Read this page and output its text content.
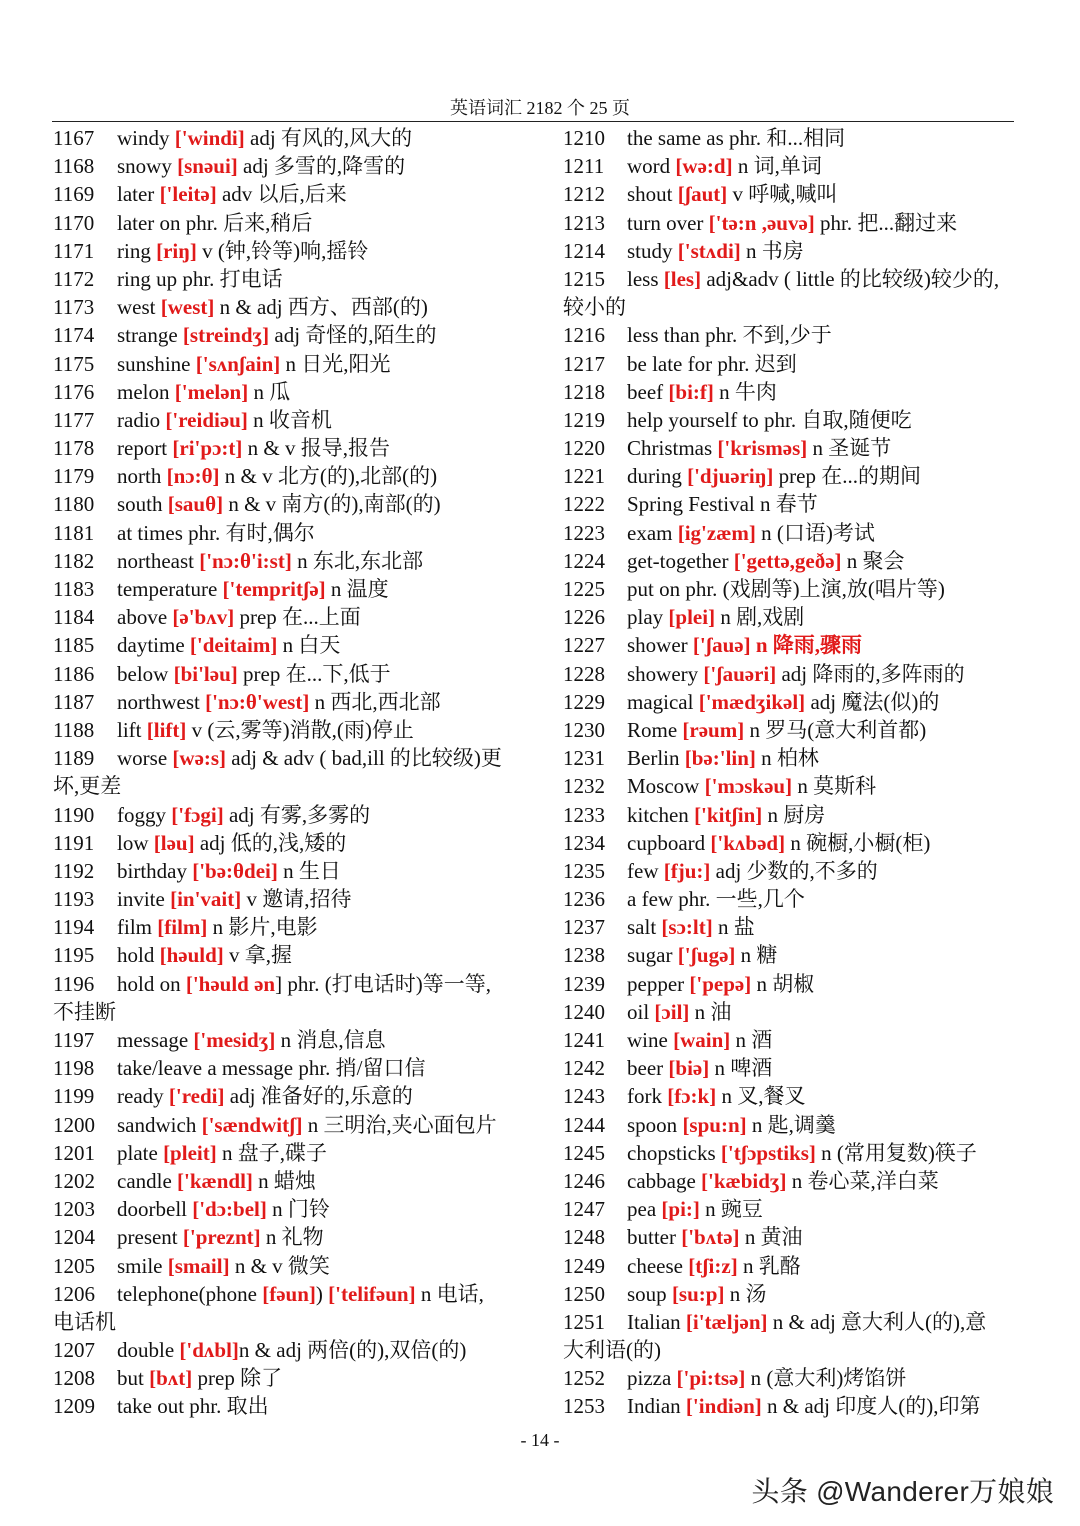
英语词汇 2182 个 25 页
1167 windy ['windi] adj 有风的,风大的
1168 snowy [snəui] adj 多雪的,降雪的
1169 later ['leitə] adv 以后,后来
1170 later on phr. 后来,稍后
1171 ring [riŋ] v (钟,铃等)响,摇铃
1172 ring up phr. 打电话
1173 west [west] n & adj 西方、西部(的)
1174 strange [streindʒ] adj 奇怪的,陌生的
1175 sunshine ['sʌnʃain] n 日光,阳光
1176 melon ['melən] n 瓜
1177 radio ['reidiəu] n 收音机
1178 report [ri'pɔ:t] n & v 报导,报告
1179 north [nɔ:θ] n & v 北方(的),北部(的)
1180 south [sauθ] n & v 南方(的),南部(的)
1181 at times phr. 有时,偶尔
1182 northeast ['nɔ:θ'i:st] n 东北,东北部
1183 temperature ['tempritʃə] n 温度
1184 above [ə'bʌv] prep 在...上面
1185 daytime ['deitaim] n 白天
1186 below [bi'ləu] prep 在...下,低于
1187 northwest ['nɔ:θ'west] n 西北,西北部
1188 lift [lift] v (云,雾等)消散,(雨)停止
1189 worse [wə:s] adj & adv ( bad,ill 的比较级)更
坏,更差
1190 foggy ['fɔgi] adj 有雾,多雾的
1191 low [ləu] adj 低的,浅,矮的
1192 birthday ['bə:θdei] n 生日
1193 invite [in'vait] v 邀请,招待
1194 film [film] n 影片,电影
1195 hold [həuld] v 拿,握
1196 hold on ['həuld ən] phr. (打电话时)等一等,
不挂断
1197 message ['mesidʒ] n 消息,信息
1198 take/leave a message phr. 捎/留口信
1199 ready ['redi] adj 准备好的,乐意的
1200 sandwich ['sændwitʃ] n 三明治,夹心面包片
1201 plate [pleit] n 盘子,碟子
1202 candle ['kændl] n 蜡烛
1203 doorbell ['dɔ:bel] n 门铃
1204 present ['preznt] n 礼物
1205 smile [smail] n & v 微笑
1206 telephone(phone [fəun]) ['telifəun] n 电话,
电话机
1207 double ['dʌbl]n & adj 两倍(的),双倍(的)
1208 but [bʌt] prep 除了
1209 take out phr. 取出
1210 the same as phr. 和...相同
1211 word [wə:d] n 词,单词
1212 shout [ʃaut] v 呼喊,喊叫
1213 turn over ['tə:n ,əuvə] phr. 把...翻过来
1214 study ['stʌdi] n 书房
1215 less [les] adj&adv ( little 的比较级)较少的,
较小的
1216 less than phr. 不到,少于
1217 be late for phr. 迟到
1218 beef [bi:f] n 牛肉
1219 help yourself to phr. 自取,随便吃
1220 Christmas ['krisməs] n 圣诞节
1221 during ['djuəriŋ] prep 在...的期间
1222 Spring Festival n 春节
1223 exam [ig'zæm] n (口语)考试
1224 get-together ['gettə,geðə] n 聚会
1225 put on phr. (戏剧等)上演,放(唱片等)
1226 play [plei] n 剧,戏剧
1227 shower ['ʃauə] n 降雨,骤雨
1228 showery ['ʃauəri] adj 降雨的,多阵雨的
1229 magical ['mædʒikəl] adj 魔法(似)的
1230 Rome [rəum] n 罗马(意大利首都)
1231 Berlin [bə:'lin] n 柏林
1232 Moscow ['mɔskəu] n 莫斯科
1233 kitchen ['kitʃin] n 厨房
1234 cupboard ['kʌbəd] n 碗橱,小橱(柜)
1235 few [fju:] adj 少数的,不多的
1236 a few phr. 一些,几个
1237 salt [sɔ:lt] n 盐
1238 sugar ['ʃugə] n 糖
1239 pepper ['pepə] n 胡椒
1240 oil [ɔil] n 油
1241 wine [wain] n 酒
1242 beer [biə] n 啤酒
1243 fork [fɔ:k] n 叉,餐叉
1244 spoon [spu:n] n 匙,调羹
1245 chopsticks ['tʃɔpstiks] n (常用复数)筷子
1246 cabbage ['kæbidʒ] n 卷心菜,洋白菜
1247 pea [pi:] n 豌豆
1248 butter ['bʌtə] n 黄油
1249 cheese [tʃi:z] n 乳酪
1250 soup [su:p] n 汤
1251 Italian [i'tæljən] n & adj 意大利人(的),意
大利语(的)
1252 pizza ['pi:tsə] n (意大利)烤馅饼
1253 Indian ['indiən] n & adj 印度人(的),印第
- 14 -
头条 @Wanderer万娘娘
